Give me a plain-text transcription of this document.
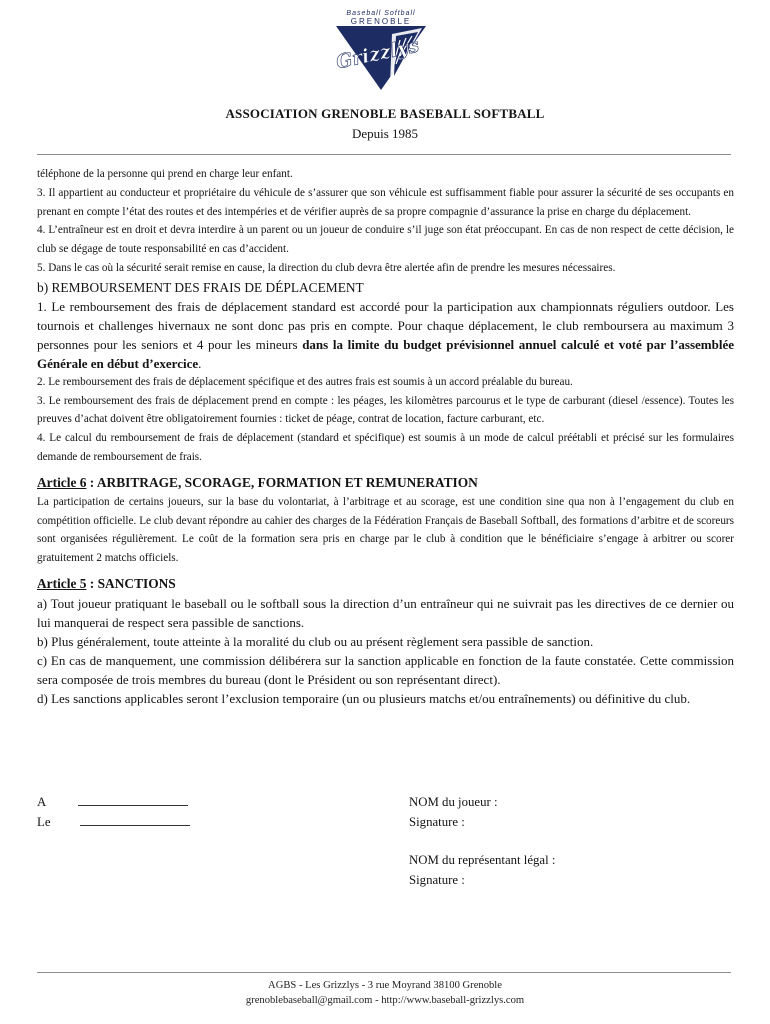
Baseball Softball
GRENOBLE
Grizzlys
ASSOCIATION GRENOBLE BASEBALL SOFTBALL
Depuis 1985

téléphone de la personne qui prend en charge leur enfant.

3. Il appartient au conducteur et propriétaire du véhicule de s’assurer que son véhicule est suffisamment fiable pour assurer la sécurité de ses occupants en prenant en compte l’état des routes et des intempéries et de vérifier auprès de sa propre compagnie d’assurance la prise en charge du déplacement.

4. L’entraîneur est en droit et devra interdire à un parent ou un joueur de conduire s’il juge son état préoccupant. En cas de non respect de cette décision, le club se dégage de toute responsabilité en cas d’accident.

5. Dans le cas où la sécurité serait remise en cause, la direction du club devra être alertée afin de prendre les mesures nécessaires.

b) REMBOURSEMENT DES FRAIS DE DÉPLACEMENT

1. Le remboursement des frais de déplacement standard est accordé pour la participation aux championnats réguliers outdoor. Les tournois et challenges hivernaux ne sont donc pas pris en compte. Pour chaque déplacement, le club remboursera au maximum 3 personnes pour les seniors et 4 pour les mineurs dans la limite du budget prévisionnel annuel calculé et voté par l’assemblée Générale en début d’exercice.

2. Le remboursement des frais de déplacement spécifique et des autres frais est soumis à un accord préalable du bureau.

3. Le remboursement des frais de déplacement prend en compte : les péages, les kilomètres parcourus et le type de carburant (diesel /essence). Toutes les preuves d’achat doivent être obligatoirement fournies : ticket de péage, contrat de location, facture carburant, etc.

4. Le calcul du remboursement de frais de déplacement (standard et spécifique) est soumis à un mode de calcul préétabli et précisé sur les formulaires demande de remboursement de frais.

Article 6 : ARBITRAGE, SCORAGE, FORMATION ET REMUNERATION

La participation de certains joueurs, sur la base du volontariat, à l’arbitrage et au scorage, est une condition sine qua non à l’engagement du club en compétition officielle. Le club devant répondre au cahier des charges de la Fédération Français de Baseball Softball, des formations d’arbitre et de scoreurs sont organisées régulièrement. Le coût de la formation sera pris en charge par le club à condition que le bénéficiaire s’engage à arbitrer ou scorer gratuitement 2 matchs officiels.

Article 5 : SANCTIONS

a) Tout joueur pratiquant le baseball ou le softball sous la direction d’un entraîneur qui ne suivrait pas les directives de ce dernier ou lui manquerai de respect sera passible de sanctions.

b) Plus généralement, toute atteinte à la moralité du club ou au présent règlement sera passible de sanction.

c) En cas de manquement, une commission délibérera sur la sanction applicable en fonction de la faute constatée. Cette commission sera composée de trois membres du bureau (dont le Président ou son représentant direct).

d) Les sanctions applicables seront l’exclusion temporaire (un ou plusieurs matchs et/ou entraînements) ou définitive du club.

A
Le
NOM du joueur :
Signature :
NOM du représentant légal :
Signature :
AGBS - Les Grizzlys - 3 rue Moyrand 38100 Grenoble
grenoblebaseball@gmail.com - http://www.baseball-grizzlys.com
